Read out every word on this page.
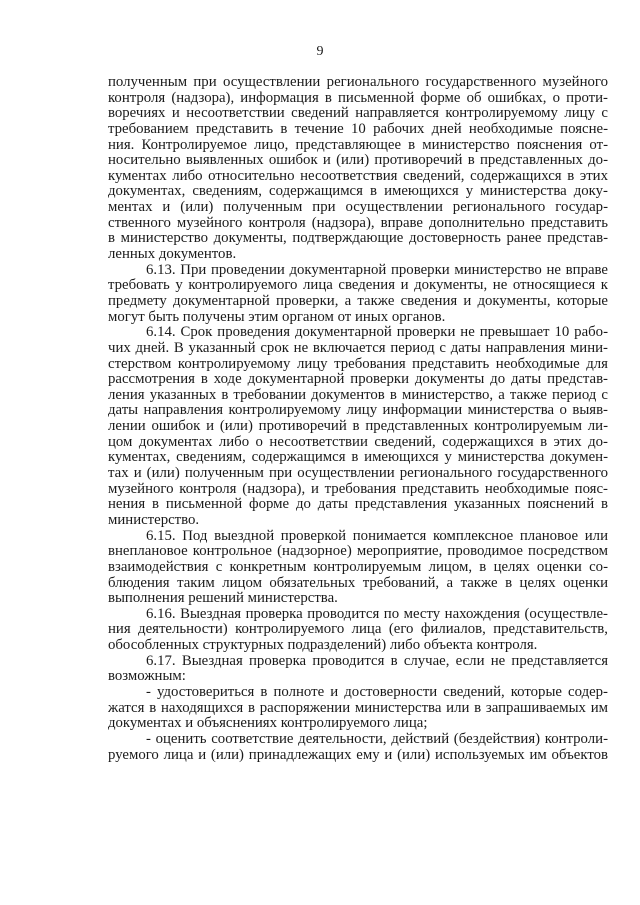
9
полученным при осуществлении регионального государственного музейного
контроля (надзора), информация в письменной форме об ошибках, о проти-
воречиях и несоответствии сведений направляется контролируемому лицу с
требованием представить в течение 10 рабочих дней необходимые поясне-
ния. Контролируемое лицо, представляющее в министерство пояснения от-
носительно выявленных ошибок и (или) противоречий в представленных до-
кументах либо относительно несоответствия сведений, содержащихся в этих
документах, сведениям, содержащимся в имеющихся у министерства доку-
ментах и (или) полученным при осуществлении регионального государ-
ственного музейного контроля (надзора), вправе дополнительно представить
в министерство документы, подтверждающие достоверность ранее представ-
ленных документов.
6.13. При проведении документарной проверки министерство не вправе
требовать у контролируемого лица сведения и документы, не относящиеся к
предмету документарной проверки, а также сведения и документы, которые
могут быть получены этим органом от иных органов.
6.14. Срок проведения документарной проверки не превышает 10 рабо-
чих дней. В указанный срок не включается период с даты направления мини-
стерством контролируемому лицу требования представить необходимые для
рассмотрения в ходе документарной проверки документы до даты представ-
ления указанных в требовании документов в министерство, а также период с
даты направления контролируемому лицу информации министерства о выяв-
лении ошибок и (или) противоречий в представленных контролируемым ли-
цом документах либо о несоответствии сведений, содержащихся в этих до-
кументах, сведениям, содержащимся в имеющихся у министерства докумен-
тах и (или) полученным при осуществлении регионального государственного
музейного контроля (надзора), и требования представить необходимые пояс-
нения в письменной форме до даты представления указанных пояснений в
министерство.
6.15. Под выездной проверкой понимается комплексное плановое или
внеплановое контрольное (надзорное) мероприятие, проводимое посредством
взаимодействия с конкретным контролируемым лицом, в целях оценки со-
блюдения таким лицом обязательных требований, а также в целях оценки
выполнения решений министерства.
6.16. Выездная проверка проводится по месту нахождения (осуществле-
ния деятельности) контролируемого лица (его филиалов, представительств,
обособленных структурных подразделений) либо объекта контроля.
6.17. Выездная проверка проводится в случае, если не представляется
возможным:
- удостовериться в полноте и достоверности сведений, которые содер-
жатся в находящихся в распоряжении министерства или в запрашиваемых им
документах и объяснениях контролируемого лица;
- оценить соответствие деятельности, действий (бездействия) контроли-
руемого лица и (или) принадлежащих ему и (или) используемых им объектов
